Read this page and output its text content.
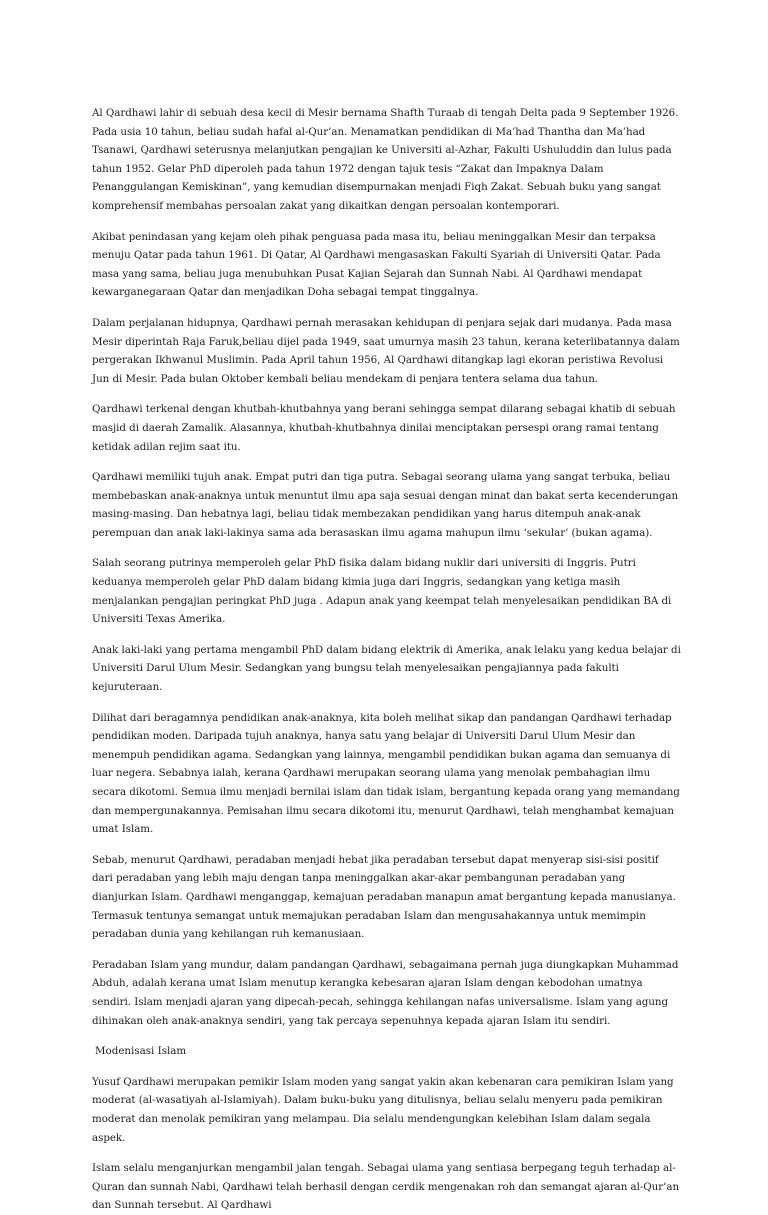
Al Qardhawi lahir di sebuah desa kecil di Mesir bernama Shafth Turaab di tengah Delta pada 9 September 1926. Pada usia 10 tahun, beliau sudah hafal al-Qur’an. Menamatkan pendidikan di Ma’had Thantha dan Ma’had Tsanawi, Qardhawi seterusnya melanjutkan pengajian ke Universiti al-Azhar, Fakulti Ushuluddin dan lulus pada tahun 1952. Gelar PhD diperoleh pada tahun 1972 dengan tajuk tesis “Zakat dan Impaknya Dalam Penanggulangan Kemiskinan”, yang kemudian disempurnakan menjadi Fiqh Zakat. Sebuah buku yang sangat komprehensif membahas persoalan zakat yang dikaitkan dengan persoalan kontemporari.

Akibat penindasan yang kejam oleh pihak penguasa pada masa itu, beliau meninggalkan Mesir dan terpaksa menuju Qatar pada tahun 1961. Di Qatar, Al Qardhawi mengasaskan Fakulti Syariah di Universiti Qatar. Pada masa yang sama, beliau juga menubuhkan Pusat Kajian Sejarah dan Sunnah Nabi. Al Qardhawi mendapat kewarganegaraan Qatar dan menjadikan Doha sebagai tempat tinggalnya.

Dalam perjalanan hidupnya, Qardhawi pernah merasakan kehidupan di penjara sejak dari mudanya. Pada masa Mesir diperintah Raja Faruk,beliau dijel pada 1949, saat umurnya masih 23 tahun, kerana keterlibatannya dalam pergerakan Ikhwanul Muslimin. Pada April tahun 1956, Al Qardhawi ditangkap lagi ekoran peristiwa Revolusi Jun di Mesir. Pada bulan Oktober kembali beliau mendekam di penjara tentera selama dua tahun.

Qardhawi terkenal dengan khutbah-khutbahnya yang berani sehingga sempat dilarang sebagai khatib di sebuah masjid di daerah Zamalik. Alasannya, khutbah-khutbahnya dinilai menciptakan persespi orang ramai tentang ketidak adilan rejim saat itu.

Qardhawi memiliki tujuh anak. Empat putri dan tiga putra. Sebagai seorang ulama yang sangat terbuka, beliau membebaskan anak-anaknya untuk menuntut ilmu apa saja sesuai dengan minat dan bakat serta kecenderungan masing-masing. Dan hebatnya lagi, beliau tidak membezakan pendidikan yang harus ditempuh anak-anak perempuan dan anak laki-lakinya sama ada berasaskan ilmu agama mahupun ilmu ‘sekular’ (bukan agama).

Salah seorang putrinya memperoleh gelar PhD fisika dalam bidang nuklir dari universiti di Inggris. Putri keduanya memperoleh gelar PhD dalam bidang kimia juga dari Inggris, sedangkan yang ketiga masih menjalankan pengajian peringkat PhD juga . Adapun anak yang keempat telah menyelesaikan pendidikan BA di Universiti Texas Amerika.

Anak laki-laki yang pertama mengambil PhD dalam bidang elektrik di Amerika, anak lelaku yang kedua belajar di Universiti Darul Ulum Mesir. Sedangkan yang bungsu telah menyelesaikan pengajiannya pada fakulti kejuruteraan.

Dilihat dari beragamnya pendidikan anak-anaknya, kita boleh melihat sikap dan pandangan Qardhawi terhadap pendidikan moden. Daripada tujuh anaknya, hanya satu yang belajar di Universiti Darul Ulum Mesir dan menempuh pendidikan agama. Sedangkan yang lainnya, mengambil pendidikan bukan agama dan semuanya di luar negera. Sebabnya ialah, kerana Qardhawi merupakan seorang ulama yang menolak pembahagian ilmu secara dikotomi. Semua ilmu menjadi bernilai islam dan tidak islam, bergantung kepada orang yang memandang dan mempergunakannya. Pemisahan ilmu secara dikotomi itu, menurut Qardhawi, telah menghambat kemajuan umat Islam.

Sebab, menurut Qardhawi, peradaban menjadi hebat jika peradaban tersebut dapat menyerap sisi-sisi positif dari peradaban yang lebih maju dengan tanpa meninggalkan akar-akar pembangunan peradaban yang dianjurkan Islam. Qardhawi menganggap, kemajuan peradaban manapun amat bergantung kepada manusianya. Termasuk tentunya semangat untuk memajukan peradaban Islam dan mengusahakannya untuk memimpin peradaban dunia yang kehilangan ruh kemanusiaan.

Peradaban Islam yang mundur, dalam pandangan Qardhawi, sebagaimana pernah juga diungkapkan Muhammad Abduh, adalah kerana umat Islam menutup kerangka kebesaran ajaran Islam dengan kebodohan umatnya sendiri. Islam menjadi ajaran yang dipecah-pecah, sehingga kehilangan nafas universalisme. Islam yang agung dihinakan oleh anak-anaknya sendiri, yang tak percaya sepenuhnya kepada ajaran Islam itu sendiri.

Modenisasi Islam

Yusuf Qardhawi merupakan pemikir Islam moden yang sangat yakin akan kebenaran cara pemikiran Islam yang moderat (al-wasatiyah al-Islamiyah). Dalam buku-buku yang ditulisnya, beliau selalu menyeru pada pemikiran moderat dan menolak pemikiran yang melampau. Dia selalu mendengungkan kelebihan Islam dalam segala aspek.

Islam selalu menganjurkan mengambil jalan tengah. Sebagai ulama yang sentiasa berpegang teguh terhadap al-Quran dan sunnah Nabi, Qardhawi telah berhasil dengan cerdik mengenakan roh dan semangat ajaran al-Qur’an dan Sunnah tersebut. Al Qardhawi
